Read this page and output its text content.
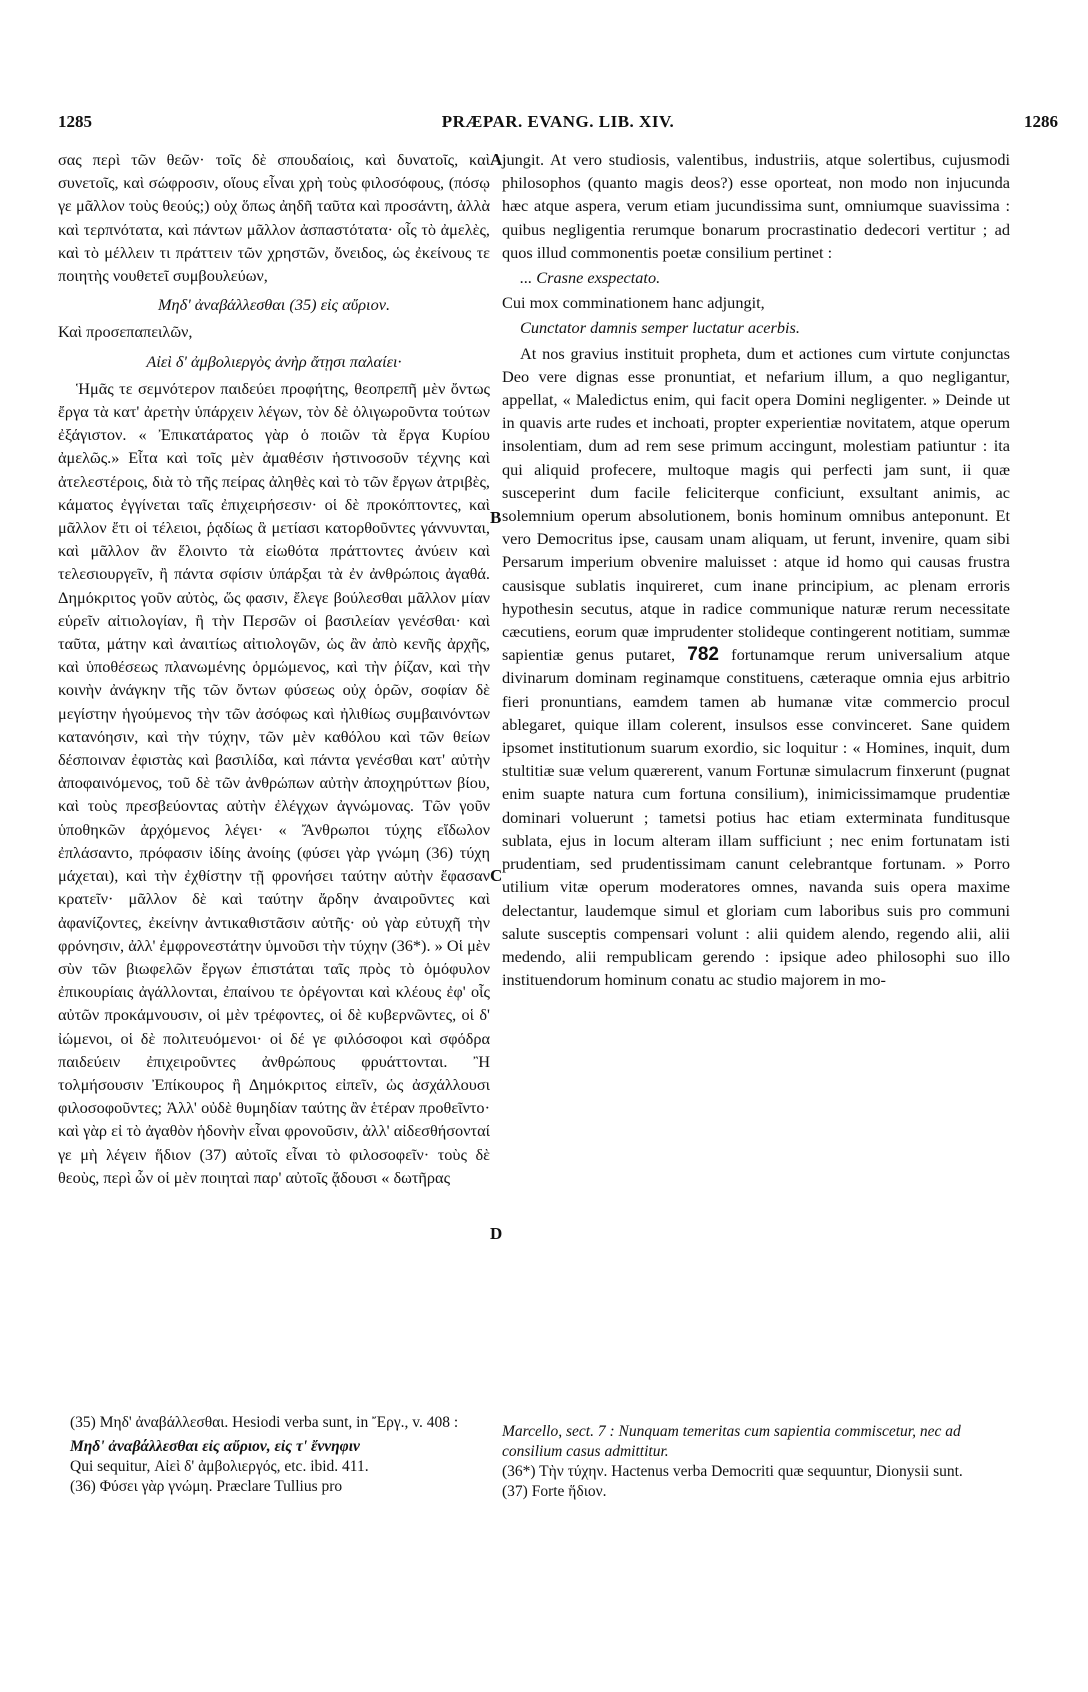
1285	PRÆPAR. EVANG. LIB. XIV.	1286

σας περὶ τῶν θεῶν· τοῖς δὲ σπουδαίοις, καὶ δυνατοῖς, καὶ συνετοῖς, καὶ σώφροσιν, οἵους εἶναι χρὴ τοὺς φιλοσόφους, (πόσῳ γε μᾶλλον τοὺς θεούς;) οὐχ ὅπως ἀηδῆ ταῦτα καὶ προσάντη, ἀλλὰ καὶ τερπνότατα, καὶ πάντων μᾶλλον ἀσπαστότατα· οἷς τὸ ἀμελὲς, καὶ τὸ μέλλειν τι πράττειν τῶν χρηστῶν, ὄνειδος, ὡς ἐκείνους τε ποιητὴς νουθετεῖ συμβουλεύων,

Μηδ' ἀναβάλλεσθαι (35) εἰς αὔριον.

Καὶ προσεπαπειλῶν,

Αἰεὶ δ' ἀμβολιεργὸς ἀνὴρ ἄτῃσι παλαίει·

Ἡμᾶς τε σεμνότερον παιδεύει προφήτης, θεοπρεπῆ μὲν ὄντως ἔργα τὰ κατ' ἀρετὴν ὑπάρχειν λέγων, τὸν δὲ ὀλιγωροῦντα τούτων ἐξάγιστον. « Ἐπικατάρατος γὰρ ὁ ποιῶν τὰ ἔργα Κυρίου ἀμελῶς.» Εἶτα καὶ τοῖς μὲν ἀμαθέσιν ἡστινοσοῦν τέχνης καὶ ἀτελεστέροις, διὰ τὸ τῆς πείρας ἀληθὲς καὶ τὸ τῶν ἔργων ἀτριβὲς, κάματος ἐγγίνεται ταῖς ἐπιχειρήσεσιν· οἱ δὲ προκόπτοντες, καὶ μᾶλλον ἔτι οἱ τέλειοι, ῥᾳδίως ἃ μετίασι κατορθοῦντες γάννυνται, καὶ μᾶλλον ἂν ἕλοιντο τὰ εἰωθότα πράττοντες ἀνύειν καὶ τελεσιουργεῖν, ἢ πάντα σφίσιν ὑπάρξαι τὰ ἐν ἀνθρώποις ἀγαθά. Δημόκριτος γοῦν αὐτὸς, ὥς φασιν, ἔλεγε βούλεσθαι μᾶλλον μίαν εὑρεῖν αἰτιολογίαν, ἢ τὴν Περσῶν οἱ βασιλείαν γενέσθαι· καὶ ταῦτα, μάτην καὶ ἀναιτίως αἰτιολογῶν, ὡς ἂν ἀπὸ κενῆς ἀρχῆς, καὶ ὑποθέσεως πλανωμένης ὁρμώμενος, καὶ τὴν ῥίζαν, καὶ τὴν κοινὴν ἀνάγκην τῆς τῶν ὄντων φύσεως οὐχ ὁρῶν, σοφίαν δὲ μεγίστην ἡγούμενος τὴν τῶν ἀσόφως καὶ ἠλιθίως συμβαινόντων κατανόησιν, καὶ τὴν τύχην, τῶν μὲν καθόλου καὶ τῶν θείων δέσποιναν ἐφιστὰς καὶ βασιλίδα, καὶ πάντα γενέσθαι κατ' αὐτὴν ἀποφαινόμενος, τοῦ δὲ τῶν ἀνθρώπων αὐτὴν ἀποχηρύττων βίου, καὶ τοὺς πρεσβεύοντας αὐτὴν ἐλέγχων ἀγνώμονας. Τῶν γοῦν ὑποθηκῶν ἀρχόμενος λέγει· « Ἄνθρωποι τύχης εἴδωλον ἐπλάσαντο, πρόφασιν ἰδίης ἀνοίης (φύσει γὰρ γνώμη (36) τύχη μάχεται), καὶ τὴν ἐχθίστην τῇ φρονήσει ταύτην αὐτὴν ἔφασαν κρατεῖν· μᾶλλον δὲ καὶ ταύτην ἄρδην ἀναιροῦντες καὶ ἀφανίζοντες, ἐκείνην ἀντικαθιστᾶσιν αὐτῆς· οὐ γὰρ εὐτυχῆ τὴν φρόνησιν, ἀλλ' ἐμφρονεστάτην ὑμνοῦσι τὴν τύχην (36*). » Οἱ μὲν σὺν τῶν βιωφελῶν ἔργων ἐπιστάται ταῖς πρὸς τὸ ὁμόφυλον ἐπικουρίαις ἀγάλλονται, ἐπαίνου τε ὀρέγονται καὶ κλέους ἐφ' οἷς αὐτῶν προκάμνουσιν, οἱ μὲν τρέφοντες, οἱ δὲ κυβερνῶντες, οἱ δ' ἰώμενοι, οἱ δὲ πολιτευόμενοι· οἱ δέ γε φιλόσοφοι καὶ σφόδρα παιδεύειν ἐπιχειροῦντες ἀνθρώπους φρυάττονται. Ἢ τολμήσουσιν Ἐπίκουρος ἢ Δημόκριτος εἰπεῖν, ὡς ἀσχάλλουσι φιλοσοφοῦντες; Ἀλλ' οὐδὲ θυμηδίαν ταύτης ἂν ἑτέραν προθεῖντο· καὶ γὰρ εἰ τὸ ἀγαθὸν ἡδονὴν εἶναι φρονοῦσιν, ἀλλ' αἰδεσθήσονταί γε μὴ λέγειν ἥδιον (37) αὐτοῖς εἶναι τὸ φιλοσοφεῖν· τοὺς δὲ θεοὺς, περὶ ὧν οἱ μὲν ποιηταὶ παρ' αὐτοῖς ᾄδουσι « δωτῆρας

jungit. At vero studiosis, valentibus, industriis, atque solertibus, cujusmodi philosophos (quanto magis deos?) esse oporteat, non modo non injucunda hæc atque aspera, verum etiam jucundissima sunt, omniumque suavissima : quibus negligentia rerumque bonarum procrastinatio dedecori vertitur ; ad quos illud commonentis poetæ consilium pertinet :

... Crasne exspectato.

Cui mox comminationem hanc adjungit,

Cunctator damnis semper luctatur acerbis.

At nos gravius instituit propheta, dum et actiones cum virtute conjunctas Deo vere dignas esse pronuntiat, et nefarium illum, a quo negligantur, appellat, « Maledictus enim, qui facit opera Domini negligenter. » Deinde ut in quavis arte rudes et inchoati, propter experientiæ novitatem, atque operum insolentiam, dum ad rem sese primum accingunt, molestiam patiuntur : ita qui aliquid profecere, multoque magis qui perfecti jam sunt, ii quæ susceperint dum facile feliciterque conficiunt, exsultant animis, ac solemnium operum absolutionem, bonis hominum omnibus anteponunt. Et vero Democritus ipse, causam unam aliquam, ut ferunt, invenire, quam sibi Persarum imperium obvenire maluisset : atque id homo qui causas frustra causisque sublatis inquireret, cum inane principium, ac plenam erroris hypothesin secutus, atque in radice communique naturæ rerum necessitate cæcutiens, eorum quæ imprudenter stolideque contingerent notitiam, summæ sapientiæ genus putaret, 782 fortunamque rerum universalium atque divinarum dominam reginamque constituens, cæteraque omnia ejus arbitrio fieri pronuntians, eamdem tamen ab humanæ vitæ commercio procul ablegaret, quique illam colerent, insulsos esse convinceret. Sane quidem ipsomet institutionum suarum exordio, sic loquitur : « Homines, inquit, dum stultitiæ suæ velum quærerent, vanum Fortunæ simulacrum finxerunt (pugnat enim suapte natura cum fortuna consilium), inimicissimamque prudentiæ dominari voluerunt ; tametsi potius hac etiam exterminata funditusque sublata, ejus in locum alteram illam sufficiunt ; nec enim fortunatam isti prudentiam, sed prudentissimam canunt celebrantque fortunam. » Porro utilium vitæ operum moderatores omnes, navanda suis opera maxime delectantur, laudemque simul et gloriam cum laboribus suis pro communi salute susceptis compensari volunt : alii quidem alendo, regendo alii, alii medendo, alii rempublicam gerendo : ipsique adeo philosophi suo illo instituendorum hominum conatu ac studio majorem in mo-

A
B
C
D

(35) Μηδ' ἀναβάλλεσθαι. Hesiodi verba sunt, in Ἔργ., v. 408 :

Μηδ' ἀναβάλλεσθαι εἰς αὔριον, εἰς τ' ἔννηφιν

Qui sequitur, Αἰεὶ δ' ἀμβολιεργός, etc. ibid. 411.

(36) Φύσει γὰρ γνώμη. Præclare Tullius pro

Marcello, sect. 7 : Nunquam temeritas cum sapientia commiscetur, nec ad consilium casus admittitur.

(36*) Τὴν τύχην. Hactenus verba Democriti quæ sequuntur, Dionysii sunt.

(37) Forte ἥδιον.
